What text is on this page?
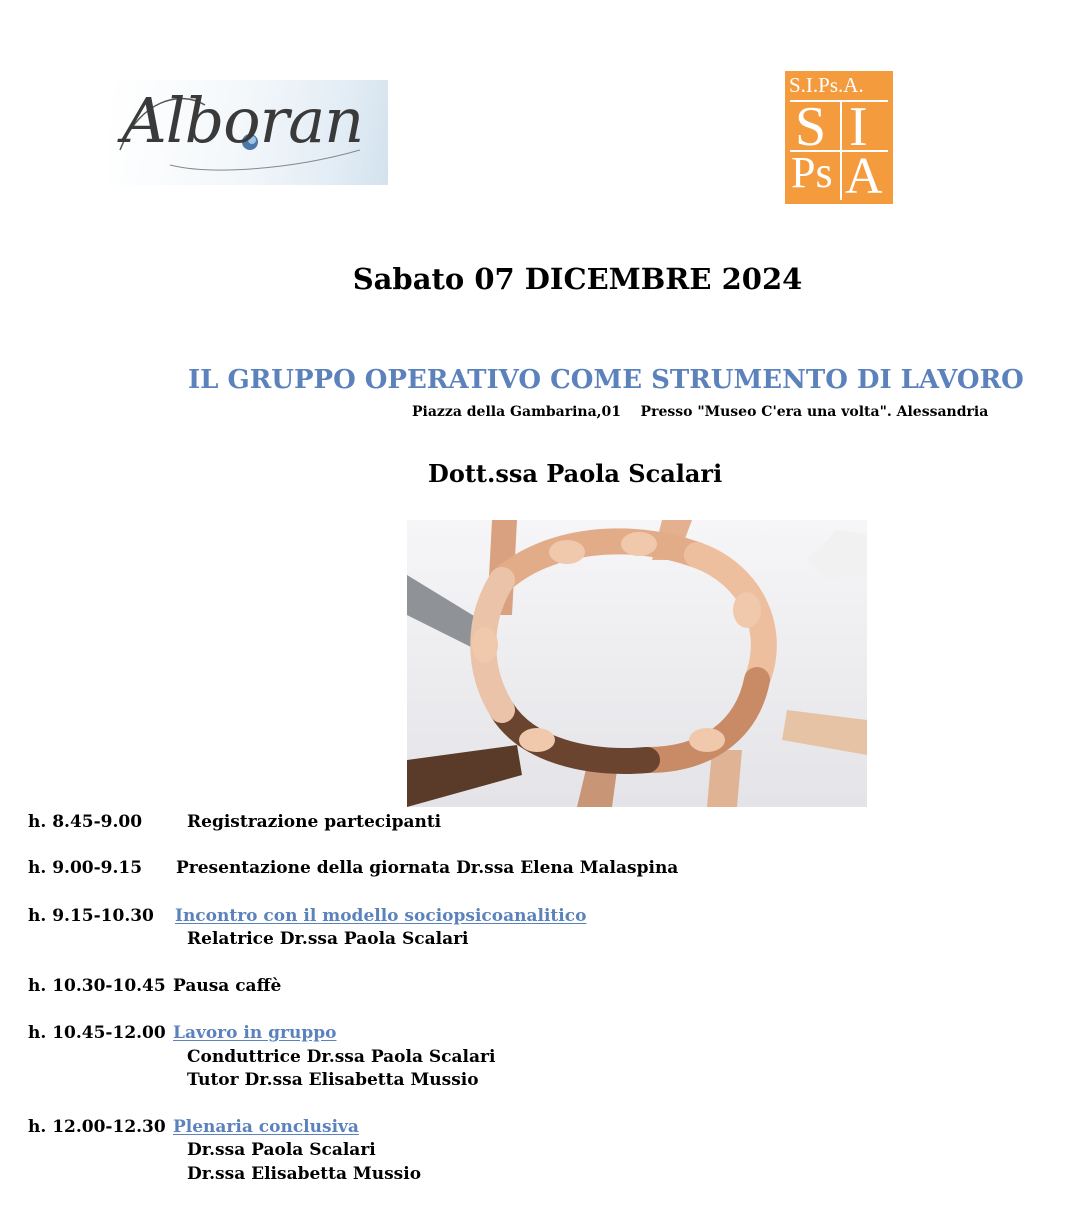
Alboran	S.I.Ps.A.
S I
Ps A
Sabato 07 DICEMBRE 2024
IL GRUPPO OPERATIVO COME STRUMENTO DI LAVORO
Piazza della Gambarina,01    Presso "Museo C'era una volta". Alessandria
Dott.ssa Paola Scalari
h. 8.45-9.00	Registrazione partecipanti
h. 9.00-9.15 Presentazione della giornata Dr.ssa Elena Malaspina
h. 9.15-10.30 Incontro con il modello sociopsicoanalitico
Relatrice Dr.ssa Paola Scalari
h. 10.30-10.45 Pausa caffè
h. 10.45-12.00 Lavoro in gruppo
Conduttrice Dr.ssa Paola Scalari
Tutor Dr.ssa Elisabetta Mussio
h. 12.00-12.30 Plenaria conclusiva
Dr.ssa Paola Scalari
Dr.ssa Elisabetta Mussio
